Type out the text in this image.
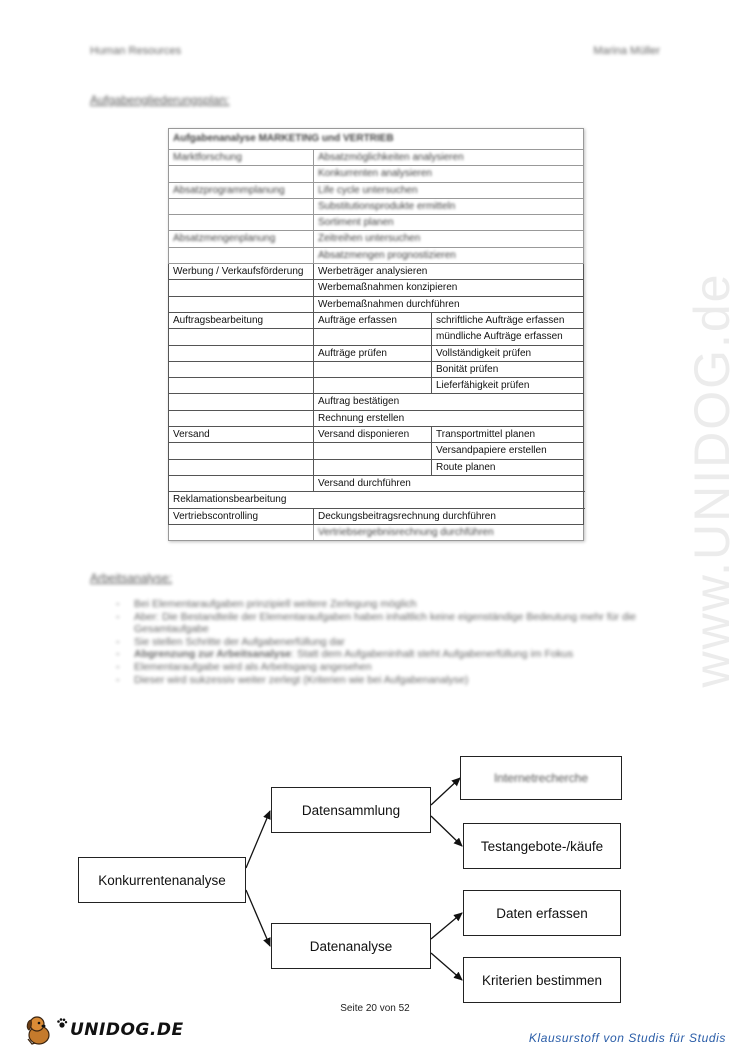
Human Resources	Marina Müller
www.UNIDOG.de
Aufgabengliederungsplan:
Aufgabenanalyse MARKETING und VERTRIEB			
Marktforschung	Absatzmöglichkeiten analysieren		
	Konkurrenten analysieren		
Absatzprogrammplanung	Life cycle untersuchen		
	Substitutionsprodukte ermitteln		
	Sortiment planen		
Absatzmengenplanung	Zeitreihen untersuchen		
	Absatzmengen prognostizieren		
Werbung / Verkaufsförderung	Werbeträger analysieren		
	Werbemaßnahmen konzipieren		
	Werbemaßnahmen durchführen		
Auftragsbearbeitung	Aufträge erfassen	schriftliche Aufträge erfassen	
		mündliche Aufträge erfassen	
	Aufträge prüfen	Vollständigkeit prüfen	
		Bonität prüfen	
		Lieferfähigkeit prüfen	
	Auftrag bestätigen		
	Rechnung erstellen		
Versand	Versand disponieren	Transportmittel planen	
		Versandpapiere erstellen	
		Route planen	
	Versand durchführen		
Reklamationsbearbeitung			
Vertriebscontrolling	Deckungsbeitragsrechnung durchführen		
	Vertriebsergebnisrechnung durchführen		
Arbeitsanalyse:
- Bei Elementaraufgaben prinzipiell weitere Zerlegung möglich
- Aber: Die Bestandteile der Elementaraufgaben haben inhaltlich keine eigenständige Bedeutung mehr für die Gesamtaufgabe
- Sie stellen Schritte der Aufgabenerfüllung dar
- Abgrenzung zur Arbeitsanalyse: Statt dem Aufgabeninhalt steht Aufgabenerfüllung im Fokus
- Elementaraufgabe wird als Arbeitsgang angesehen
- Dieser wird sukzessiv weiter zerlegt (Kriterien wie bei Aufgabenanalyse)
Konkurrentenanalyse
Datensammlung
Datenanalyse
Internetrecherche
Testangebote-/käufe
Daten erfassen
Kriterien bestimmen
Seite 20 von 52
UNIDOG.DE	Klausurstoff von Studis für Studis
